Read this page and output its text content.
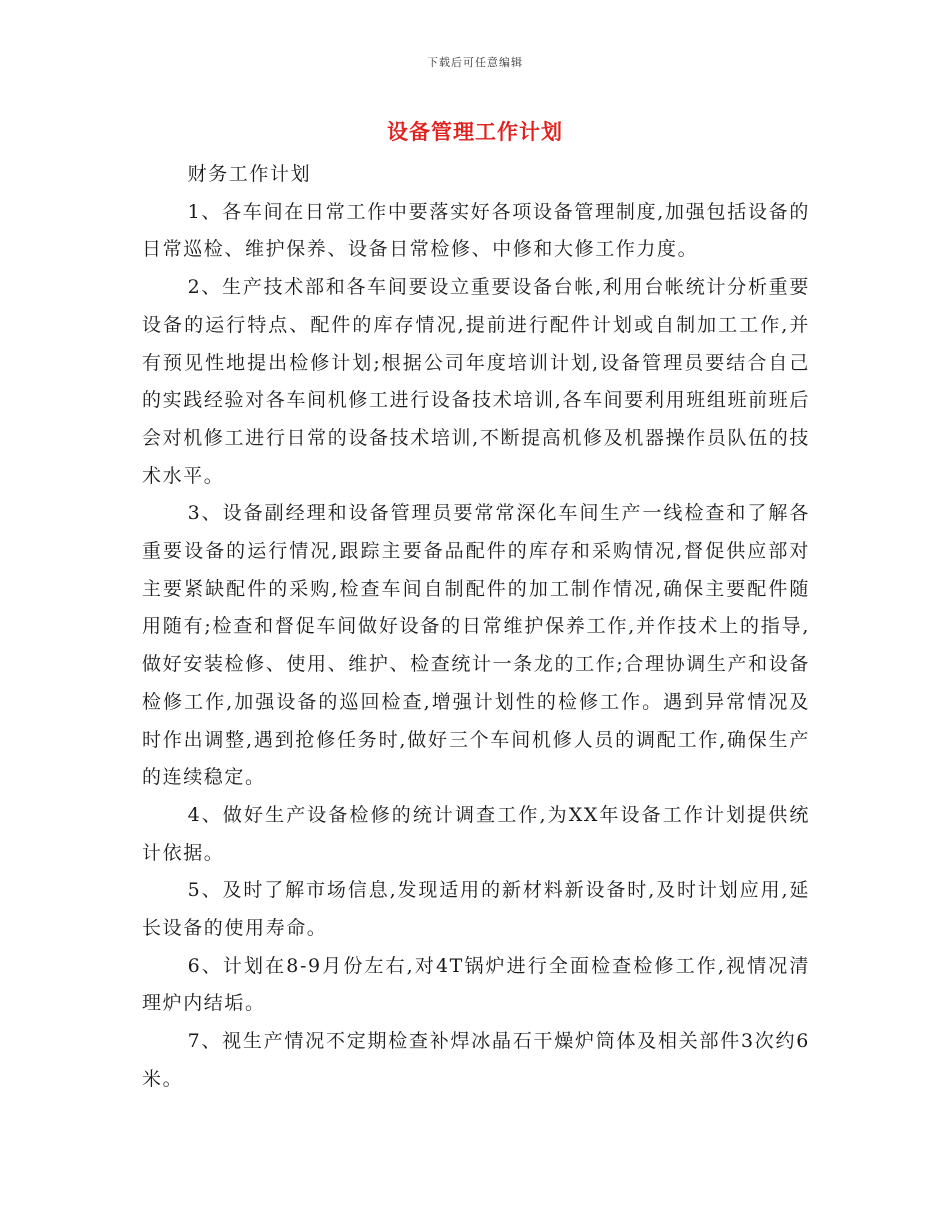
下载后可任意编辑
设备管理工作计划

财务工作计划

1、各车间在日常工作中要落实好各项设备管理制度,加强包括设备的日常巡检、维护保养、设备日常检修、中修和大修工作力度。

2、生产技术部和各车间要设立重要设备台帐,利用台帐统计分析重要设备的运行特点、配件的库存情况,提前进行配件计划或自制加工工作,并有预见性地提出检修计划;根据公司年度培训计划,设备管理员要结合自己的实践经验对各车间机修工进行设备技术培训,各车间要利用班组班前班后会对机修工进行日常的设备技术培训,不断提高机修及机器操作员队伍的技术水平。

3、设备副经理和设备管理员要常常深化车间生产一线检查和了解各重要设备的运行情况,跟踪主要备品配件的库存和采购情况,督促供应部对主要紧缺配件的采购,检查车间自制配件的加工制作情况,确保主要配件随用随有;检查和督促车间做好设备的日常维护保养工作,并作技术上的指导,做好安装检修、使用、维护、检查统计一条龙的工作;合理协调生产和设备检修工作,加强设备的巡回检查,增强计划性的检修工作。遇到异常情况及时作出调整,遇到抢修任务时,做好三个车间机修人员的调配工作,确保生产的连续稳定。

4、做好生产设备检修的统计调查工作,为XX年设备工作计划提供统计依据。

5、及时了解市场信息,发现适用的新材料新设备时,及时计划应用,延长设备的使用寿命。

6、计划在8-9月份左右,对4T锅炉进行全面检查检修工作,视情况清理炉内结垢。

7、视生产情况不定期检查补焊冰晶石干燥炉筒体及相关部件3次约6米。
